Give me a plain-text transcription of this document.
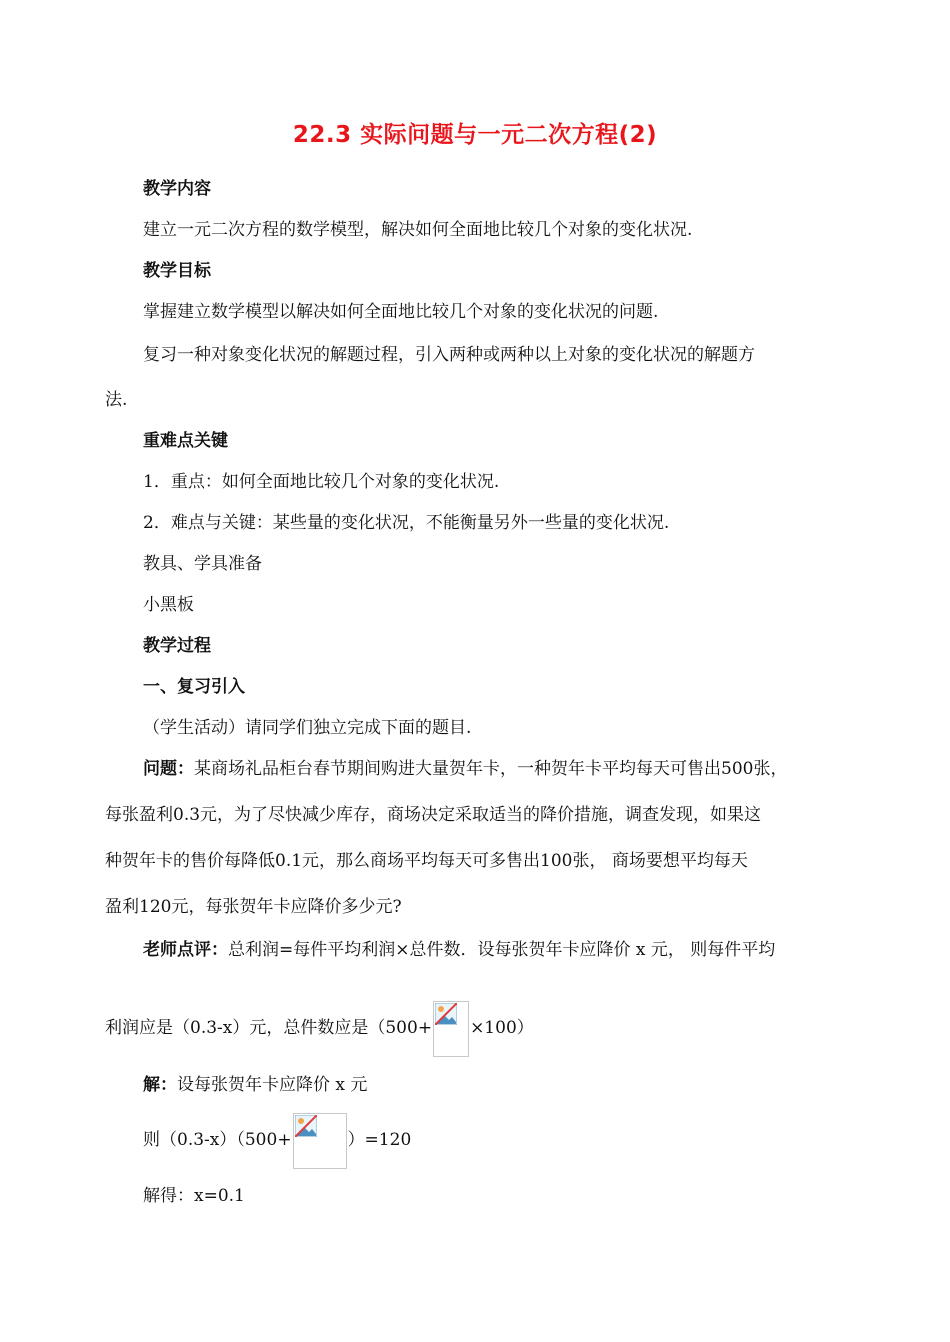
22.3 实际问题与一元二次方程(2)
教学内容
建立一元二次方程的数学模型，解决如何全面地比较几个对象的变化状况.
教学目标
掌握建立数学模型以解决如何全面地比较几个对象的变化状况的问题.
复习一种对象变化状况的解题过程，引入两种或两种以上对象的变化状况的解题方
法.
重难点关键
1．重点：如何全面地比较几个对象的变化状况.
2．难点与关键：某些量的变化状况，不能衡量另外一些量的变化状况.
教具、学具准备
小黑板
教学过程
一、复习引入
（学生活动）请同学们独立完成下面的题目.
问题：某商场礼品柜台春节期间购进大量贺年卡，一种贺年卡平均每天可售出500张，
每张盈利0.3元，为了尽快减少库存，商场决定采取适当的降价措施，调查发现，如果这
种贺年卡的售价每降低0.1元，那么商场平均每天可多售出100张， 商场要想平均每天
盈利120元，每张贺年卡应降价多少元?
老师点评：总利润=每件平均利润×总件数．设每张贺年卡应降价 x 元， 则每件平均
利润应是（0.3-x）元，总件数应是（500+ ×100）
解：设每张贺年卡应降价 x 元
则（0.3-x）（500+	）=120
解得：x=0.1
